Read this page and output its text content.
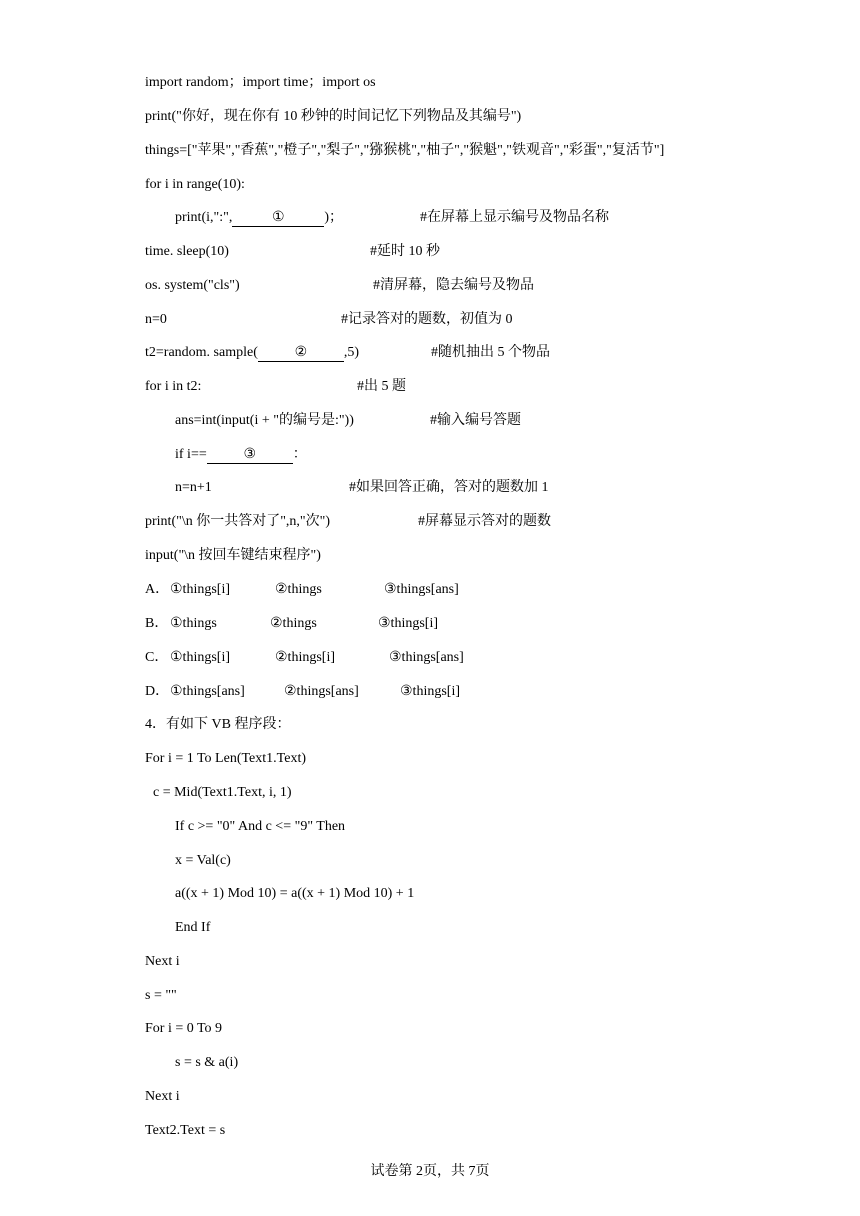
import random；import time；import os
print("你好，现在你有 10 秒钟的时间记忆下列物品及其编号")
things=["苹果","香蕉","橙子","梨子","猕猴桃","柚子","猴魁","铁观音","彩蛋","复活节"]
for i in range(10):
print(i,":",	①	)；	#在屏幕上显示编号及物品名称
time. sleep(10)	#延时 10 秒
os. system("cls")	#清屏幕，隐去编号及物品
n=0	#记录答对的题数，初值为 0
t2=random. sample(	②	,5)	#随机抽出 5 个物品
for i in t2:	#出 5 题
ans=int(input(i + "的编号是:"))	#输入编号答题
if i==	③	：
n=n+1	#如果回答正确，答对的题数加 1
print("\n 你一共答对了",n,"次")	#屏幕显示答对的题数
input("\n 按回车键结束程序")
A． ①things[i]	②things	③things[ans]
B． ①things	②things	③things[i]
C． ①things[i]	②things[i]	③things[ans]
D． ①things[ans]	②things[ans]	③things[i]
4．有如下 VB 程序段：
For i = 1 To Len(Text1.Text)
c = Mid(Text1.Text, i, 1)
If c >= "0" And c <= "9" Then
x = Val(c)
a((x + 1) Mod 10) = a((x + 1) Mod 10) + 1
End If
Next i
s = ""
For i = 0 To 9
s = s & a(i)
Next i
Text2.Text = s
试卷第 2页，共 7页
